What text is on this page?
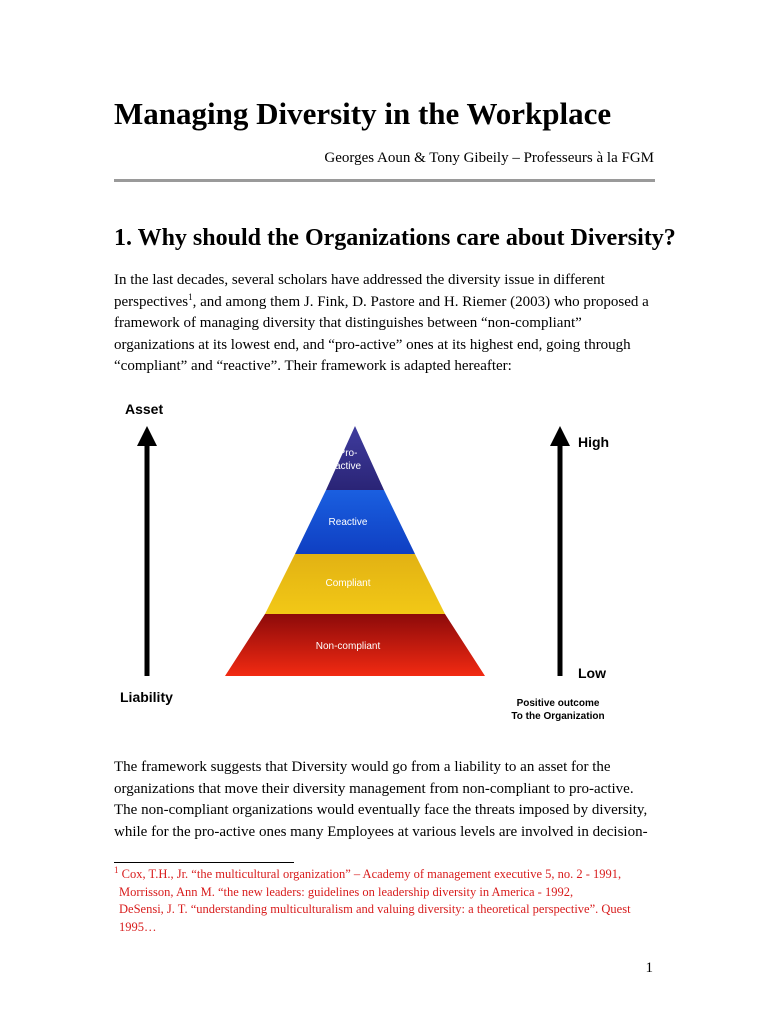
Managing Diversity in the Workplace
Georges Aoun & Tony Gibeily – Professeurs à la FGM
1. Why should the Organizations care about Diversity?

In the last decades, several scholars have addressed the diversity issue in different perspectives$^1$, and among them J. Fink, D. Pastore and H. Riemer (2003) who proposed a framework of managing diversity that distinguishes between “non-compliant” organizations at its lowest end, and “pro-active” ones at its highest end, going through “compliant” and “reactive”. Their framework is adapted hereafter:

Asset
Liability
Pro-
active
Reactive
Compliant
Non-compliant
High
Low
Positive outcome
To the Organization

The framework suggests that Diversity would go from a liability to an asset for the organizations that move their diversity management from non-compliant to pro-active. The non-compliant organizations would eventually face the threats imposed by diversity, while for the pro-active ones many Employees at various levels are involved in decision-

$^1$ Cox, T.H., Jr. “the multicultural organization” – Academy of management executive 5, no. 2 - 1991,
Morrisson, Ann M. “the new leaders: guidelines on leadership diversity in America - 1992,
DeSensi, J. T. “understanding multiculturalism and valuing diversity: a theoretical perspective”. Quest
1995…

1
